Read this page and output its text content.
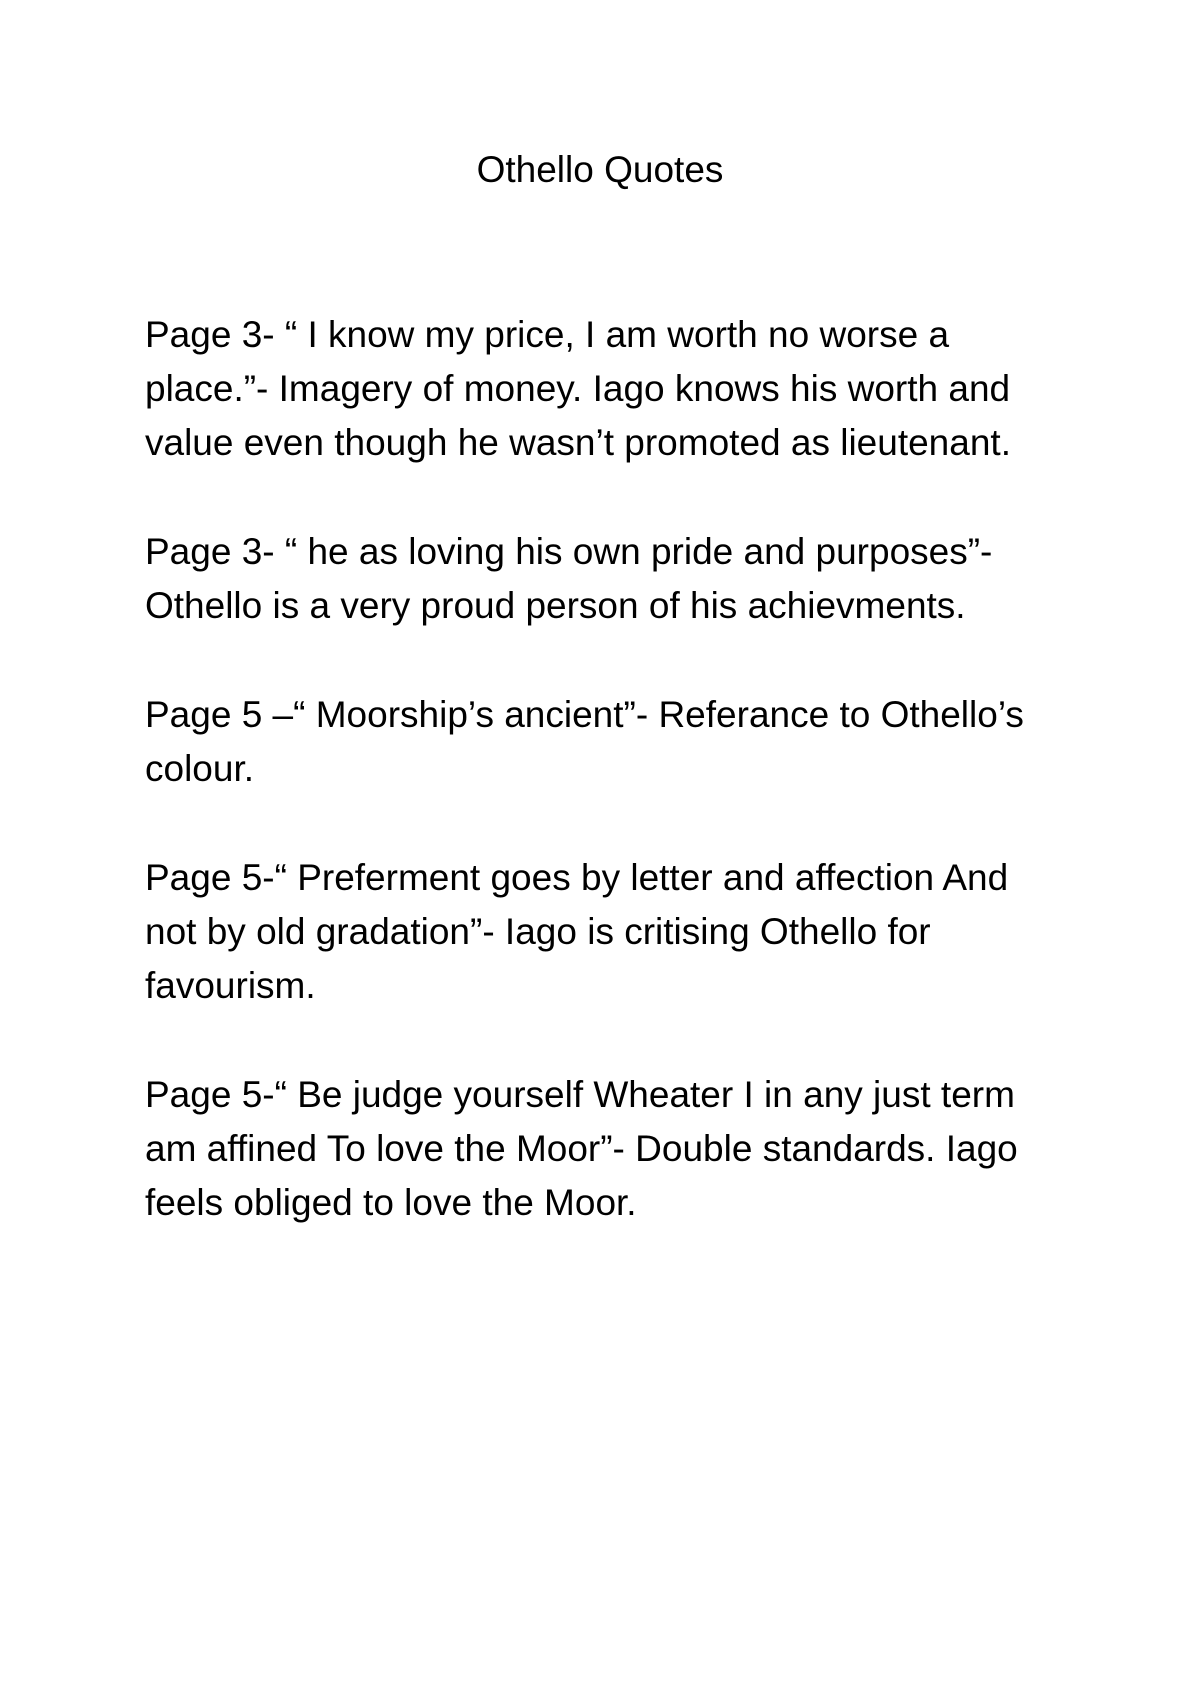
Othello Quotes

Page 3- “ I know my price, I am worth no worse a place.”- Imagery of money. Iago knows his worth and value even though he wasn’t promoted as lieutenant.

Page 3- “ he as loving his own pride and purposes”- Othello is a very proud person of his achievments.

Page 5 –“ Moorship’s ancient”- Referance to Othello’s colour.

Page 5-“ Preferment goes by letter and affection And not by old gradation”- Iago is critising Othello for favourism.

Page 5-“ Be judge yourself Wheater I in any just term am affined To love the Moor”- Double standards. Iago feels obliged to love the Moor.
